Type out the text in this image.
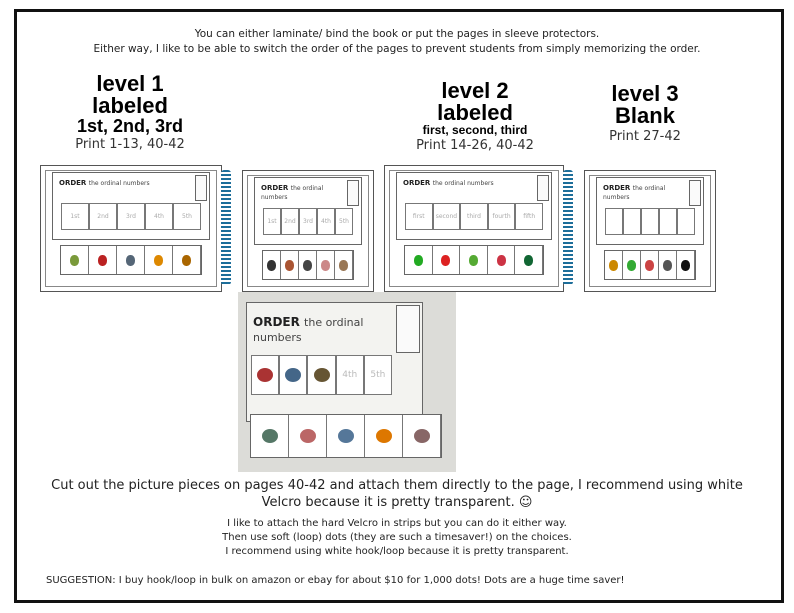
You can either laminate/ bind the book or put the pages in sleeve protectors.
Either way, I like to be able to switch the order of the pages to prevent students from simply memorizing the order.
level 1
labeled
1st, 2nd, 3rd
Print 1-13, 40-42
level 2
labeled
first, second, third
Print 14-26, 40-42
level 3
Blank
Print 27-42
ORDER the ordinal numbers
1st	2nd	3rd	4th	5th
ORDER the ordinal numbers
1st	2nd	3rd	4th	5th
ORDER the ordinal numbers
first	second	third	fourth	fifth
ORDER the ordinal numbers
ORDER the ordinal numbers
4th	5th
Cut out the picture pieces on pages 40-42 and attach them directly to the page, I recommend using white Velcro because it is pretty transparent. ☺
I like to attach the hard Velcro in strips but you can do it either way.
Then use soft (loop) dots (they are such a timesaver!) on the choices.
I recommend using white hook/loop because it is pretty transparent.
SUGGESTION: I buy hook/loop in bulk on amazon or ebay for about $10 for 1,000 dots! Dots are a huge time saver!
